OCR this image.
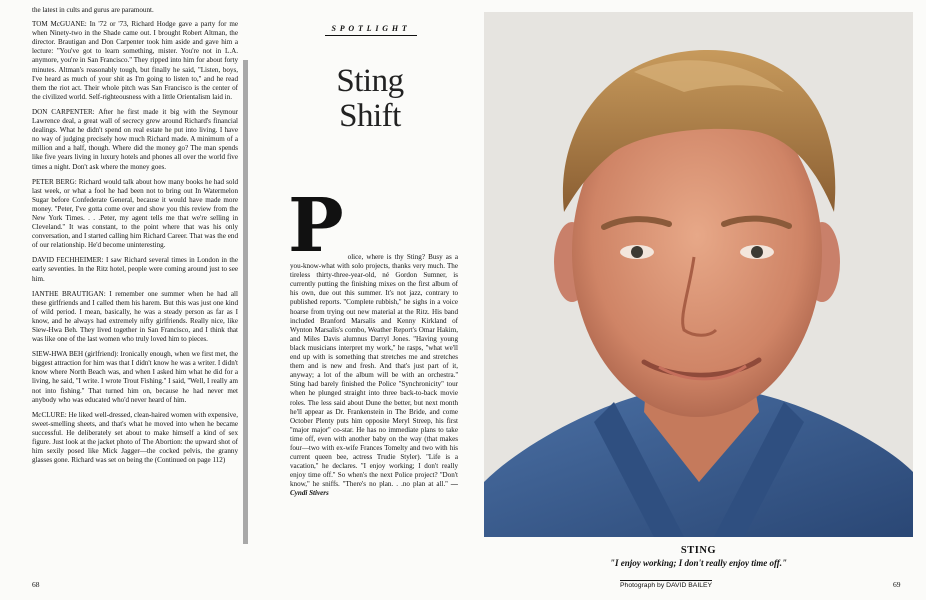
the latest in cults and gurus are paramount.

TOM McGUANE: In '72 or '73, Richard Hodge gave a party for me when Ninety-two in the Shade came out. I brought Robert Altman, the director. Brautigan and Don Carpenter took him aside and gave him a lecture: ''You've got to learn something, mister. You're not in L.A. anymore, you're in San Francisco.'' They ripped into him for about forty minutes. Altman's reasonably tough, but finally he said, ''Listen, boys, I've heard as much of your shit as I'm going to listen to,'' and he read them the riot act. Their whole pitch was San Francisco is the center of the civilized world. Self-righteousness with a little Orientalism laid in.

DON CARPENTER: After he first made it big with the Seymour Lawrence deal, a great wall of secrecy grew around Richard's financial dealings. What he didn't spend on real estate he put into living. I have no way of judging precisely how much Richard made. A minimum of a million and a half, though. Where did the money go? The man spends like five years living in luxury hotels and phones all over the world five times a night. Don't ask where the money goes.

PETER BERG: Richard would talk about how many books he had sold last week, or what a fool he had been not to bring out In Watermelon Sugar before Confederate General, because it would have made more money. ''Peter, I've gotta come over and show you this review from the New York Times. . . .Peter, my agent tells me that we're selling in Cleveland.'' It was constant, to the point where that was his only conversation, and I started calling him Richard Career. That was the end of our relationship. He'd become uninteresting.

DAVID FECHHEIMER: I saw Richard several times in London in the early seventies. In the Ritz hotel, people were coming around just to see him.

IANTHE BRAUTIGAN: I remember one summer when he had all these girlfriends and I called them his harem. But this was just one kind of wild period. I mean, basically, he was a steady person as far as I know, and he always had extremely nifty girlfriends. Really nice, like Siew-Hwa Beh. They lived together in San Francisco, and I think that was like one of the last women who truly loved him to pieces.

SIEW-HWA BEH (girlfriend): Ironically enough, when we first met, the biggest attraction for him was that I didn't know he was a writer. I didn't know where North Beach was, and when I asked him what he did for a living, he said, ''I write. I wrote Trout Fishing.'' I said, ''Well, I really am not into fishing.'' That turned him on, because he had never met anybody who was educated who'd never heard of him.

McCLURE: He liked well-dressed, clean-haired women with expensive, sweet-smelling sheets, and that's what he moved into when he became successful. He deliberately set about to make himself a kind of sex figure. Just look at the jacket photo of The Abortion: the upward shot of him sexily posed like Mick Jagger—the cocked pelvis, the granny glasses gone. Richard was set on being the (Continued on page 112)

SPOTLIGHT
Sting
Shift
P olice, where is thy Sting? Busy as a you-know-what with solo projects, thanks very much. The tireless thirty-three-year-old, né Gordon Sumner, is currently putting the finishing mixes on the first album of his own, due out this summer. It's not jazz, contrary to published reports. ''Complete rubbish,'' he sighs in a voice hoarse from trying out new material at the Ritz. His band included Branford Marsalis and Kenny Kirkland of Wynton Marsalis's combo, Weather Report's Omar Hakim, and Miles Davis alumnus Darryl Jones. ''Having young black musicians interpret my work,'' he rasps, ''what we'll end up with is something that stretches me and stretches them and is new and fresh. And that's just part of it, anyway; a lot of the album will be with an orchestra.'' Sting had barely finished the Police ''Synchronicity'' tour when he plunged straight into three back-to-back movie roles. The less said about Dune the better, but next month he'll appear as Dr. Frankenstein in The Bride, and come October Plenty puts him opposite Meryl Streep, his first ''major major'' co-star. He has no immediate plans to take time off, even with another baby on the way (that makes four—two with ex-wife Frances Tomelty and two with his current queen bee, actress Trudie Styler). ''Life is a vacation,'' he declares. ''I enjoy working; I don't really enjoy time off.'' So when's the next Police project? ''Don't know,'' he sniffs. ''There's no plan. . .no plan at all.'' —Cyndi Stivers
68
STING
"I enjoy working; I don't really enjoy time off."
Photograph by DAVID BAILEY	69
